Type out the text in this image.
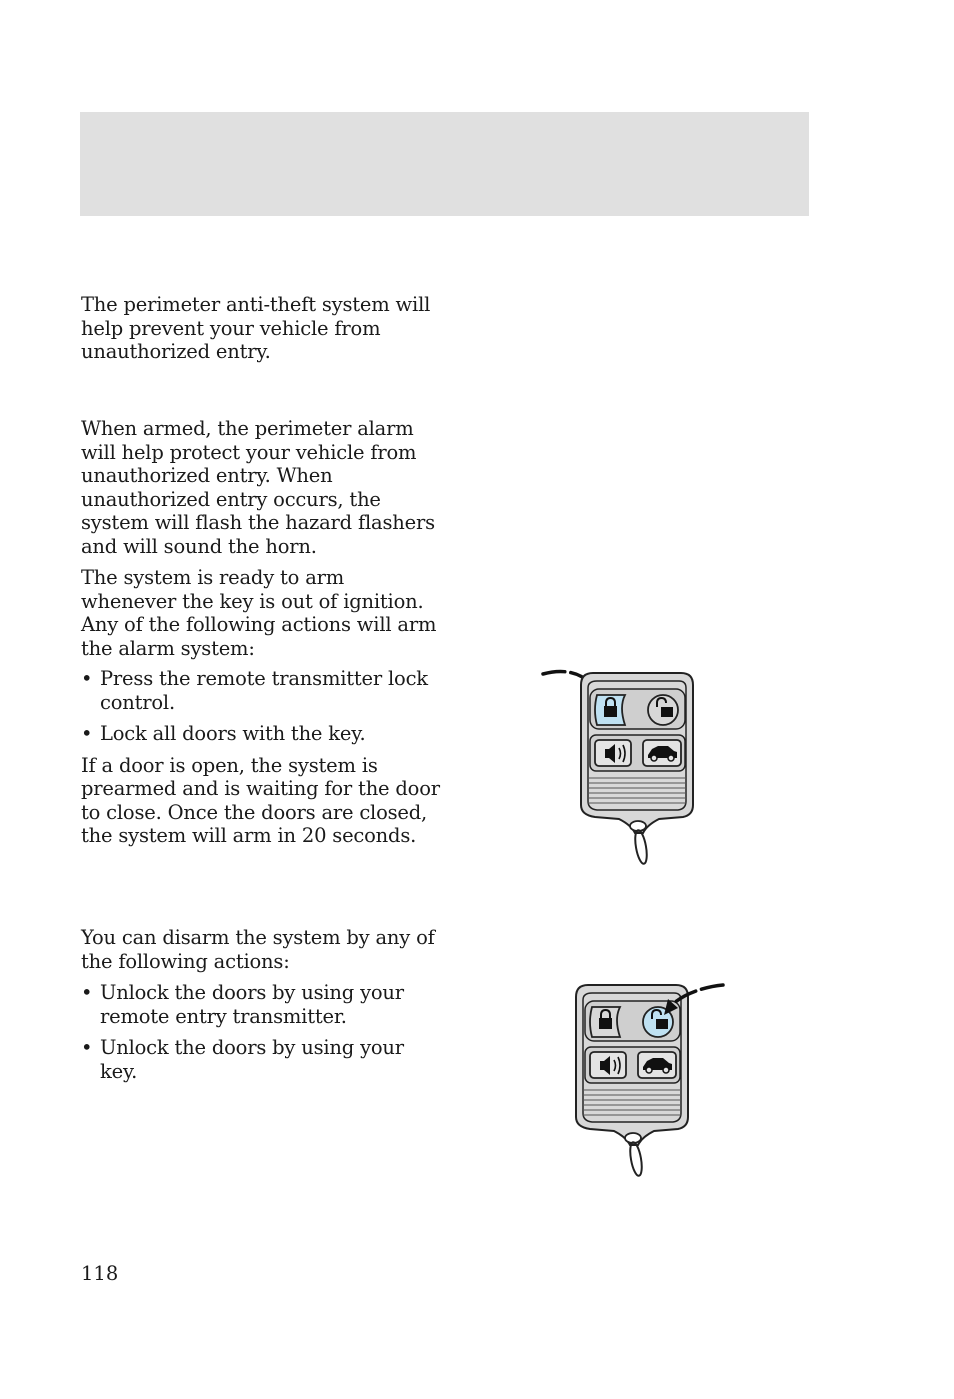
The perimeter anti-theft system will help prevent your vehicle from unauthorized entry.

When armed, the perimeter alarm will help protect your vehicle from unauthorized entry. When unauthorized entry occurs, the system will flash the hazard flashers and will sound the horn.

The system is ready to arm whenever the key is out of ignition. Any of the following actions will arm the alarm system:

• Press the remote transmitter lock control.
• Lock all doors with the key.

If a door is open, the system is prearmed and is waiting for the door to close. Once the doors are closed, the system will arm in 20 seconds.

You can disarm the system by any of the following actions:

• Unlock the doors by using your remote entry transmitter.
• Unlock the doors by using your key.
118
